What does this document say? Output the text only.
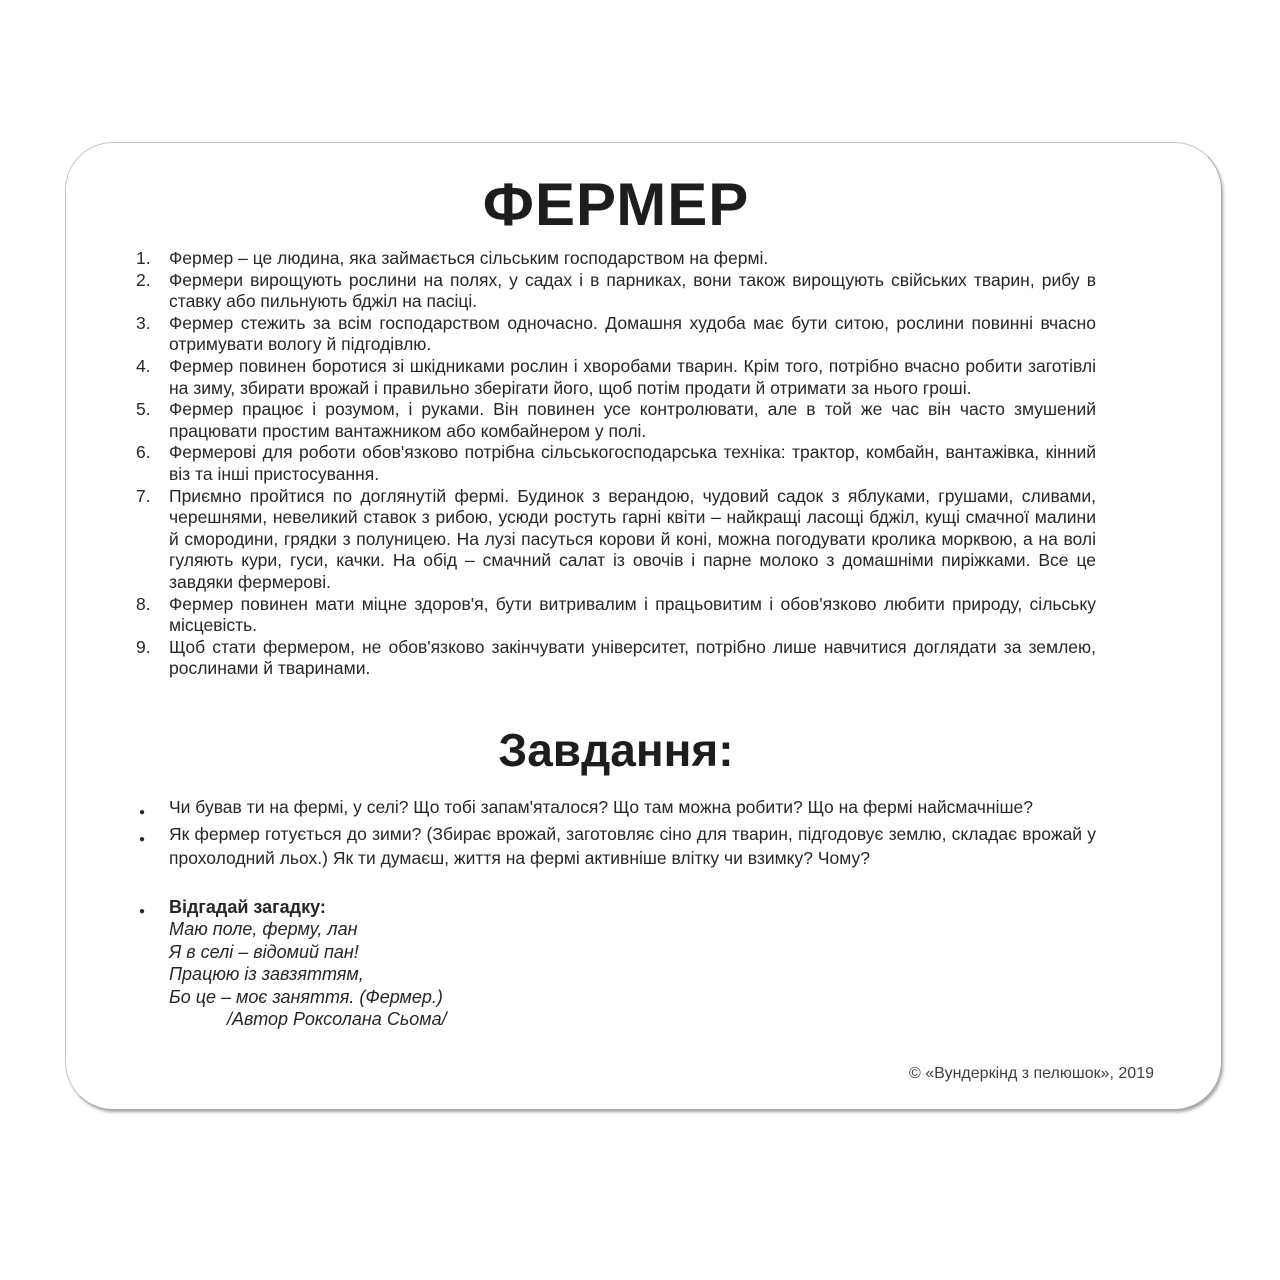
ФЕРМЕР
Фермер – це людина, яка займається сільським господарством на фермі.
Фермери вирощують рослини на полях, у садах і в парниках, вони також вирощують свійських тварин, рибу в ставку або пильнують бджіл на пасіці.
Фермер стежить за всім господарством одночасно. Домашня худоба має бути ситою, рослини повинні вчасно отримувати вологу й підгодівлю.
Фермер повинен боротися зі шкідниками рослин і хворобами тварин. Крім того, потрібно вчасно робити заготівлі на зиму, збирати врожай і правильно зберігати його, щоб потім продати й отримати за нього гроші.
Фермер працює і розумом, і руками. Він повинен усе контролювати, але в той же час він часто змушений працювати простим вантажником або комбайнером у полі.
Фермерові для роботи обов'язково потрібна сільськогосподарська техніка: трактор, комбайн, вантажівка, кінний віз та інші пристосування.
Приємно пройтися по доглянутій фермі. Будинок з верандою, чудовий садок з яблуками, грушами, сливами, черешнями, невеликий ставок з рибою, усюди ростуть гарні квіти – найкращі ласощі бджіл, кущі смачної малини й смородини, грядки з полуницею. На лузі пасуться корови й коні, можна погодувати кролика морквою, а на волі гуляють кури, гуси, качки. На обід – смачний салат із овочів і парне молоко з домашніми пиріжками. Все це завдяки фермерові.
Фермер повинен мати міцне здоров'я, бути витривалим і працьовитим і обов'язково любити природу, сільську місцевість.
Щоб стати фермером, не обов'язково закінчувати університет, потрібно лише навчитися доглядати за землею, рослинами й тваринами.
Завдання:
● Чи бував ти на фермі, у селі? Що тобі запам'яталося? Що там можна робити? Що на фермі найсмачніше?
● Як фермер готується до зими? (Збирає врожай, заготовляє сіно для тварин, підгодовує землю, складає врожай у прохолодний льох.) Як ти думаєш, життя на фермі активніше влітку чи взимку? Чому?
● Відгадай загадку:
Маю поле, ферму, лан
Я в селі – відомий пан!
Працюю із завзяттям,
Бо це – моє заняття. (Фермер.)
/Автор Роксолана Сьома/
© «Вундеркінд з пелюшок», 2019
